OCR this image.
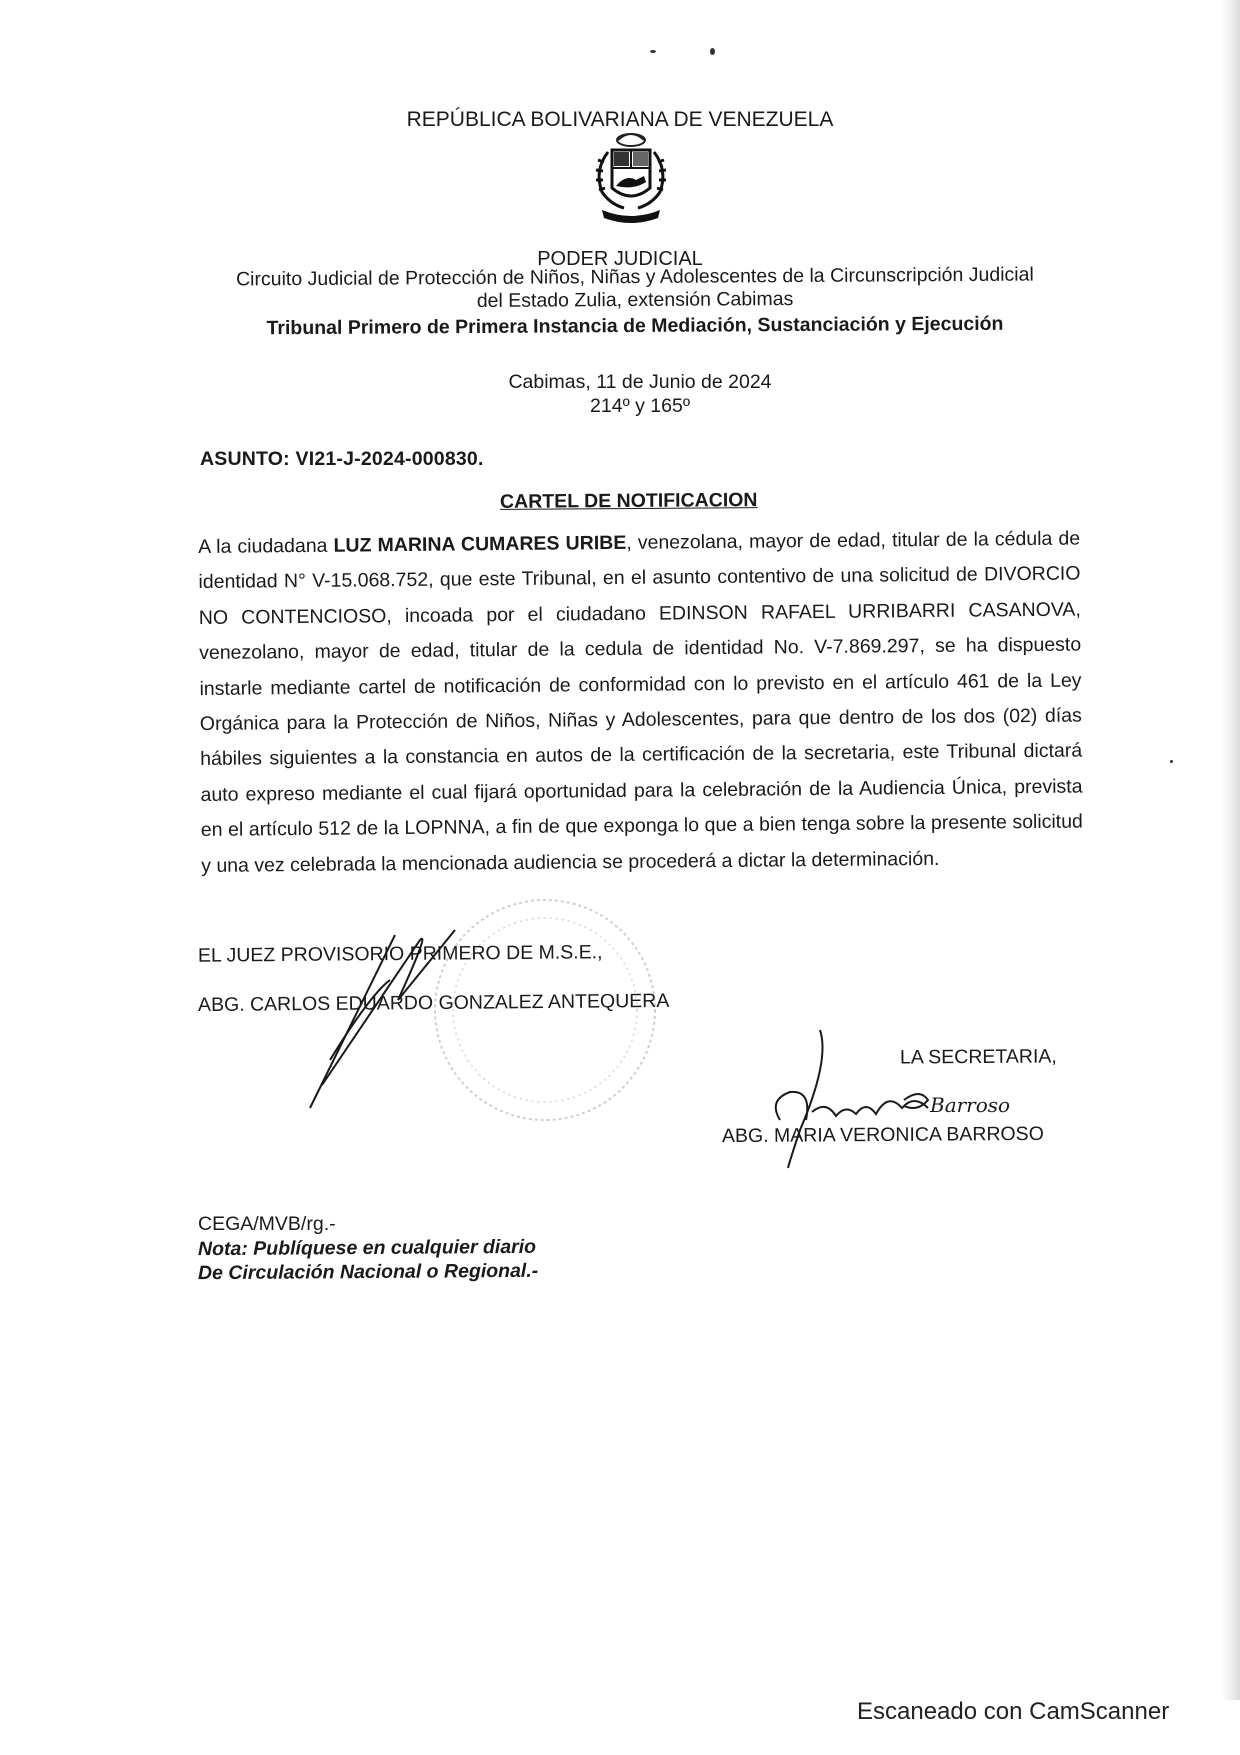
REPÚBLICA BOLIVARIANA DE VENEZUELA
PODER JUDICIAL
Circuito Judicial de Protección de Niños, Niñas y Adolescentes de la Circunscripción Judicial
del Estado Zulia, extensión Cabimas
Tribunal Primero de Primera Instancia de Mediación, Sustanciación y Ejecución
Cabimas, 11 de Junio de 2024
214º y 165º
ASUNTO: VI21-J-2024-000830.
CARTEL DE NOTIFICACION
A la ciudadana LUZ MARINA CUMARES URIBE, venezolana, mayor de edad, titular de la cédula de identidad N° V-15.068.752, que este Tribunal, en el asunto contentivo de una solicitud de DIVORCIO NO CONTENCIOSO, incoada por el ciudadano EDINSON RAFAEL URRIBARRI CASANOVA, venezolano, mayor de edad, titular de la cedula de identidad No. V-7.869.297, se ha dispuesto instarle mediante cartel de notificación de conformidad con lo previsto en el artículo 461 de la Ley Orgánica para la Protección de Niños, Niñas y Adolescentes, para que dentro de los dos (02) días hábiles siguientes a la constancia en autos de la certificación de la secretaria, este Tribunal dictará auto expreso mediante el cual fijará oportunidad para la celebración de la Audiencia Única, prevista en el artículo 512 de la LOPNNA, a fin de que exponga lo que a bien tenga sobre la presente solicitud y una vez celebrada la mencionada audiencia se procederá a dictar la determinación.
EL JUEZ PROVISORIO PRIMERO DE M.S.E.,
ABG. CARLOS EDUARDO GONZALEZ ANTEQUERA
LA SECRETARIA,
ABG. MARIA VERONICA BARROSO
Barroso
CEGA/MVB/rg.-
Nota: Publíquese en cualquier diario
De Circulación Nacional o Regional.-
Escaneado con CamScanner
